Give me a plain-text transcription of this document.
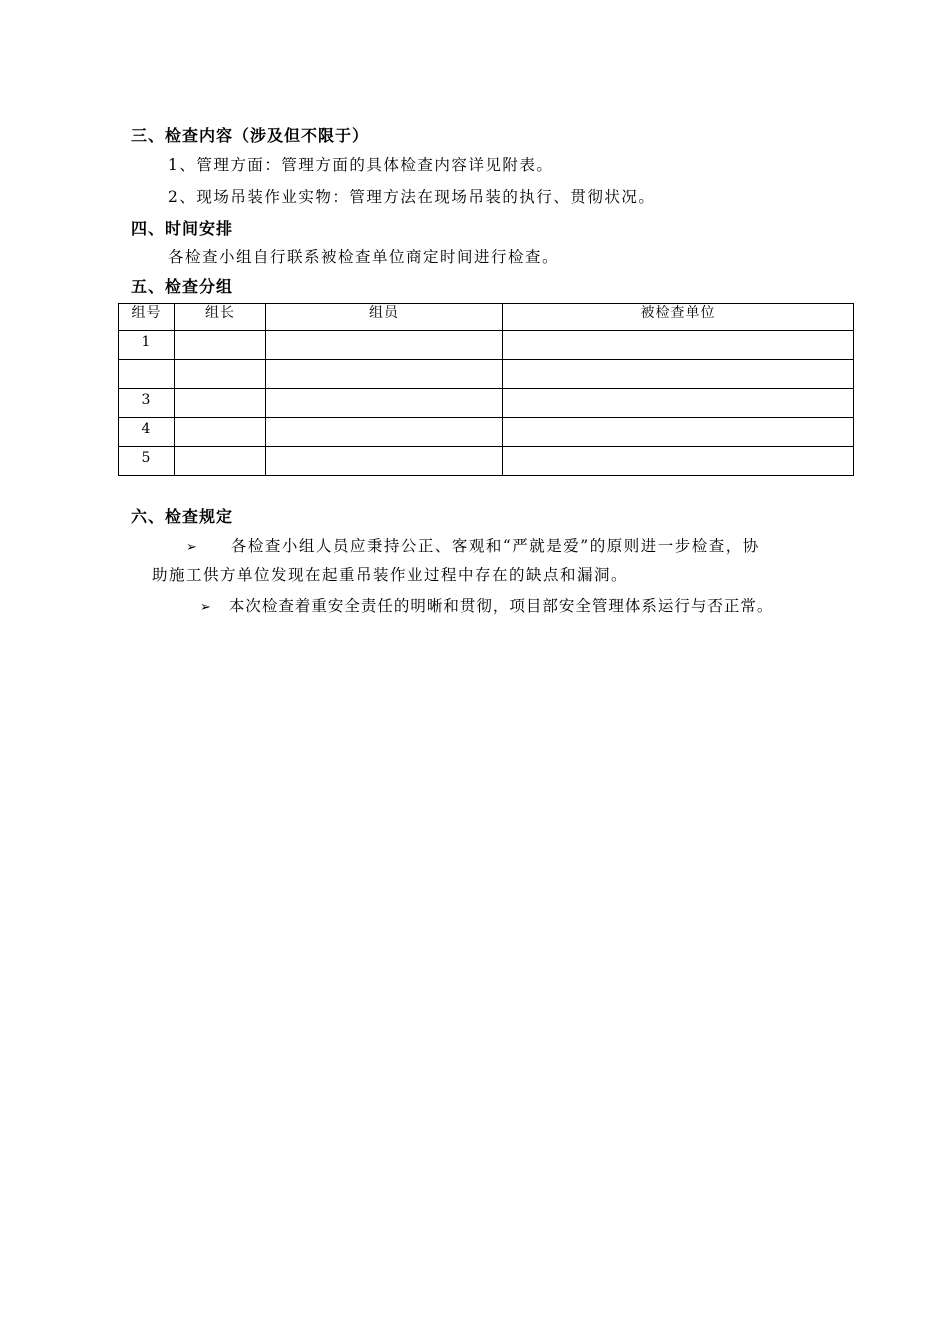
三、检查内容（涉及但不限于）
1、管理方面：管理方面的具体检查内容详见附表。
2、现场吊装作业实物：管理方法在现场吊装的执行、贯彻状况。
四、时间安排
各检查小组自行联系被检查单位商定时间进行检查。
五、检查分组
组号	组长	组员	被检查单位
1			

3			
4			
5			
六、检查规定
➢ 各检查小组人员应秉持公正、客观和“严就是爱”的原则进一步检查，协
助施工供方单位发现在起重吊装作业过程中存在的缺点和漏洞。
➢ 本次检查着重安全责任的明晰和贯彻，项目部安全管理体系运行与否正常。
